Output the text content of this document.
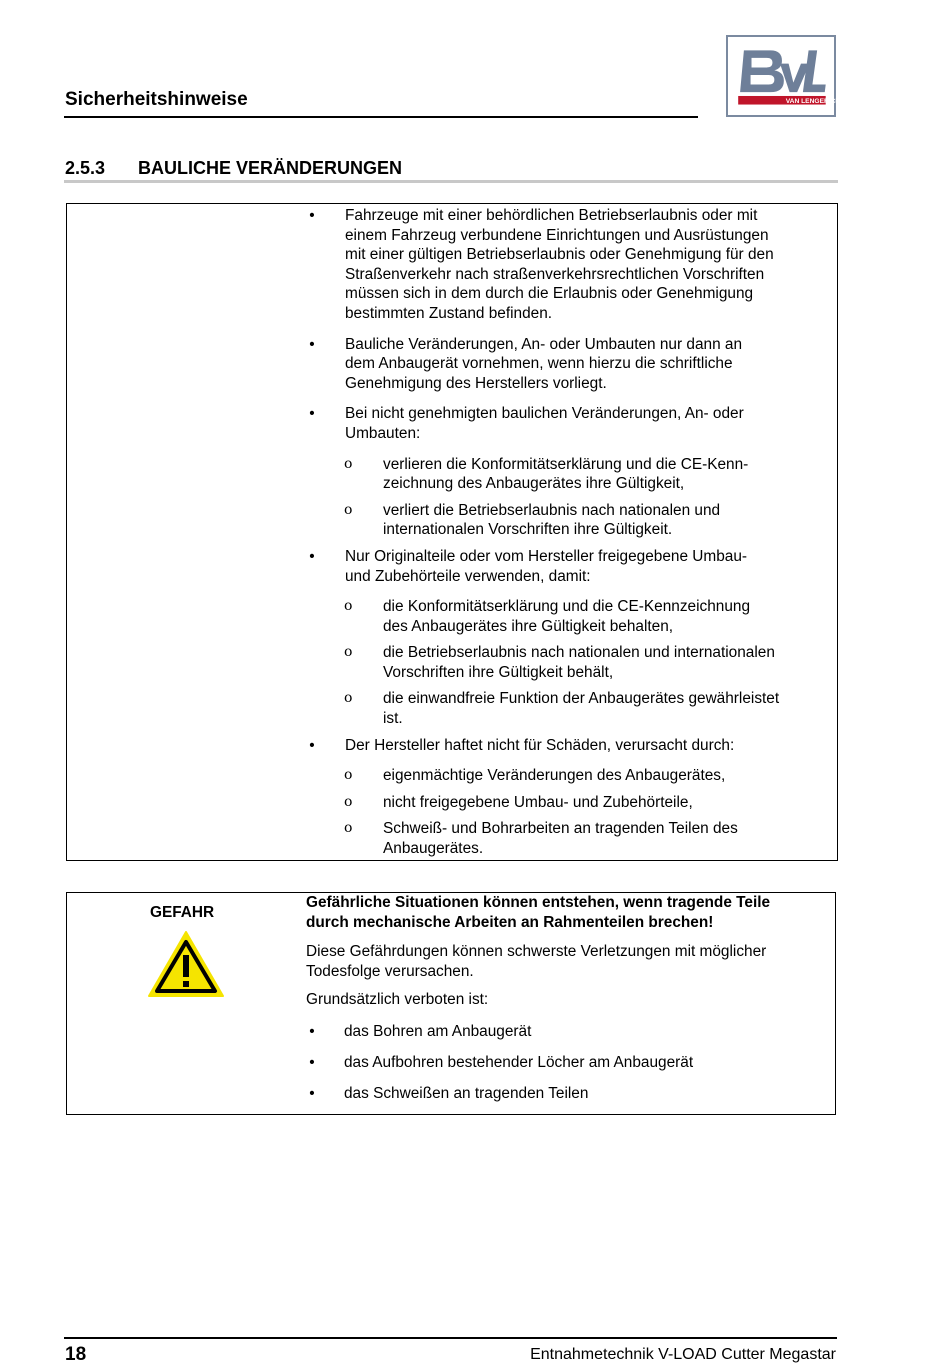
Sicherheitshinweise	VAN LENGERICH
2.5.3 BAULICHE VERÄNDERUNGEN
• Fahrzeuge mit einer behördlichen Betriebserlaubnis oder mit
einem Fahrzeug verbundene Einrichtungen und Ausrüstungen
mit einer gültigen Betriebserlaubnis oder Genehmigung für den
Straßenverkehr nach straßenverkehrsrechtlichen Vorschriften
müssen sich in dem durch die Erlaubnis oder Genehmigung
bestimmten Zustand befinden.
• Bauliche Veränderungen, An- oder Umbauten nur dann an
dem Anbaugerät vornehmen, wenn hierzu die schriftliche
Genehmigung des Herstellers vorliegt.
• Bei nicht genehmigten baulichen Veränderungen, An- oder
Umbauten:
ο verlieren die Konformitätserklärung und die CE-Kenn-
zeichnung des Anbaugerätes ihre Gültigkeit,
ο verliert die Betriebserlaubnis nach nationalen und
internationalen Vorschriften ihre Gültigkeit.
• Nur Originalteile oder vom Hersteller freigegebene Umbau-
und Zubehörteile verwenden, damit:
ο die Konformitätserklärung und die CE-Kennzeichnung
des Anbaugerätes ihre Gültigkeit behalten,
ο die Betriebserlaubnis nach nationalen und internationalen
Vorschriften ihre Gültigkeit behält,
ο die einwandfreie Funktion der Anbaugerätes gewährleistet
ist.
• Der Hersteller haftet nicht für Schäden, verursacht durch:
ο eigenmächtige Veränderungen des Anbaugerätes,
ο nicht freigegebene Umbau- und Zubehörteile,
ο Schweiß- und Bohrarbeiten an tragenden Teilen des
Anbaugerätes.
GEFAHR
Gefährliche Situationen können entstehen, wenn tragende Teile
durch mechanische Arbeiten an Rahmenteilen brechen!
Diese Gefährdungen können schwerste Verletzungen mit möglicher
Todesfolge verursachen.
Grundsätzlich verboten ist:
• das Bohren am Anbaugerät
• das Aufbohren bestehender Löcher am Anbaugerät
• das Schweißen an tragenden Teilen
18	Entnahmetechnik V-LOAD Cutter Megastar
